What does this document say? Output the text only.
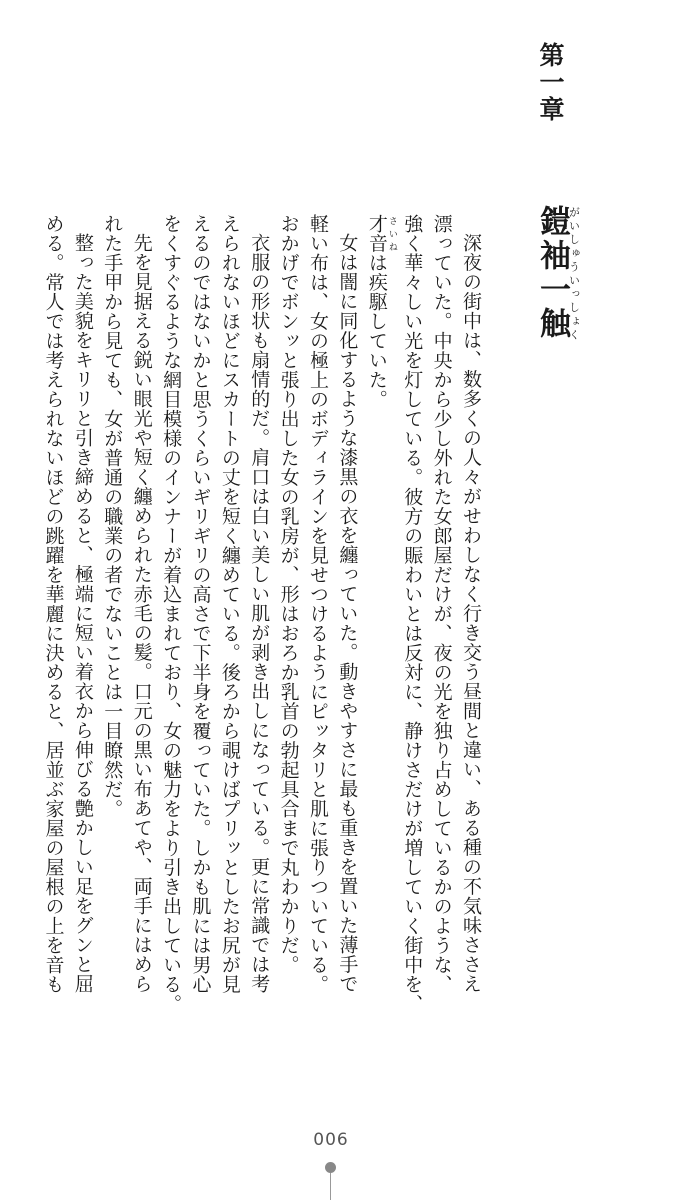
第一章
鎧袖一触がいしゅういっしょく
深夜の街中は、数多くの人々がせわしなく行き交う昼間と違い、ある種の不気味ささえ
漂っていた。中央から少し外れた女郎屋だけが、夜の光を独り占めしているかのような、
強く華々しい光を灯している。彼方の賑わいとは反対に、静けさだけが増していく街中を、
才音 さいねは疾駆していた。
女は闇に同化するような漆黒の衣を纏っていた。動きやすさに最も重きを置いた薄手で
軽い布は、女の極上のボディラインを見せつけるようにピッタリと肌に張りついている。
おかげでボンッと張り出した女の乳房が、形はおろか乳首の勃起具合まで丸わかりだ。
衣服の形状も扇情的だ。肩口は白い美しい肌が剥き出しになっている。更に常識では考
えられないほどにスカートの丈を短く纏めている。後ろから覗けばプリッとしたお尻が見
えるのではないかと思うくらいギリギリの高さで下半身を覆っていた。しかも肌には男心
をくすぐるような網目模様のインナーが着込まれており、女の魅力をより引き出している。
先を見据える鋭い眼光や短く纏められた赤毛の髪。口元の黒い布あてや、両手にはめら
れた手甲から見ても、女が普通の職業の者でないことは一目瞭然だ。
整った美貌をキリリと引き締めると、極端に短い着衣から伸びる艶かしい足をグンと屈
める。常人では考えられないほどの跳躍を華麗に決めると、居並ぶ家屋の屋根の上を音も
006
